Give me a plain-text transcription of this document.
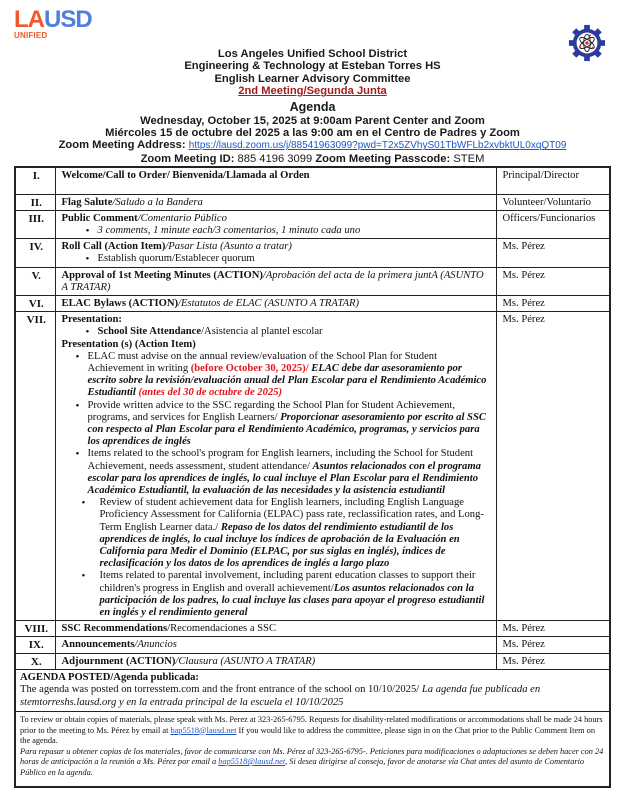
LAUSD
UNIFIED
Los Angeles Unified School District
Engineering & Technology at Esteban Torres HS
English Learner Advisory Committee
2nd Meeting/Segunda Junta
Agenda
Wednesday, October 15, 2025 at 9:00am Parent Center and Zoom
Miércoles 15 de octubre del 2025 a las 9:00 am en el Centro de Padres y Zoom
Zoom Meeting Address: https://lausd.zoom.us/j/88541963099?pwd=T2x5ZVhyS01TbWFLb2xvbktUL0xqQT09
Zoom Meeting ID: 885 4196 3099 Zoom Meeting Passcode: STEM
I.	Welcome/Call to Order/ Bienvenida/Llamada al Orden	Principal/Director
II.	Flag Salute/Saludo a la Bandera	Volunteer/Voluntario
III.	Public Comment/Comentario Público
• 3 comments, 1 minute each/3 comentarios, 1 minuto cada uno
	Officers/Funcionarios
IV.	Roll Call (Action Item)/Pasar Lista (Asunto a tratar)
• Establish quorum/Establecer quorum
	Ms. Pérez
V.	Approval of 1st Meeting Minutes (ACTION)/Aprobación del acta de la primera juntA (ASUNTO A TRATAR)	Ms. Pérez
VI.	ELAC Bylaws (ACTION)/Estatutos de ELAC (ASUNTO A TRATAR)	Ms. Pérez
VII.	Presentation:
• School Site Attendance/Asistencia al plantel escolar
Presentation (s) (Action Item)
• ELAC must advise on the annual review/evaluation of the School Plan for Student Achievement in writing (before October 30, 2025)/ ELAC debe dar asesoramiento por escrito sobre la revisión/evaluación anual del Plan Escolar para el Rendimiento Académico Estudiantil (antes del 30 de octubre de 2025)
• Provide written advice to the SSC regarding the School Plan for Student Achievement, programs, and services for English Learners/ Proporcionar asesoramiento por escrito al SSC con respecto al Plan Escolar para el Rendimiento Académico, programas, y servicios para los aprendices de inglés
• Items related to the school's program for English learners, including the School for Student Achievement, needs assessment, student attendance/ Asuntos relacionados con el programa escolar para los aprendices de inglés, lo cual incluye el Plan Escolar para el Rendimiento Académico Estudiantil, la evaluación de las necesidades y la asistencia estudiantil
• Review of student achievement data for English learners, including English Language Proficiency Assessment for California (ELPAC) pass rate, reclassification rates, and Long-Term English Learner data./ Repaso de los datos del rendimiento estudiantil de los aprendices de inglés, lo cual incluye los índices de aprobación de la Evaluación en California para Medir el Dominio (ELPAC, por sus siglas en inglés), índices de reclasificación y los datos de los aprendices de inglés a largo plazo
• Items related to parental involvement, including parent education classes to support their children's progress in English and overall achievement/Los asuntos relacionados con la participación de los padres, lo cual incluye las clases para apoyar el progreso estudiantil en inglés y el rendimiento general
	Ms. Pérez
VIII.	SSC Recommendations/Recomendaciones a SSC	Ms. Pérez
IX.	Announcements/Anuncios	Ms. Pérez
X.	Adjournment (ACTION)/Clausura (ASUNTO A TRATAR)	Ms. Pérez

AGENDA POSTED/Agenda publicada:
The agenda was posted on torresstem.com and the front entrance of the school on 10/10/2025/ La agenda fue publicada en stemtorreshs.lausd.org y en la entrada principal de la escuela el 10/10/2025		

To review or obtain copies of materials, please speak with Ms. Perez at 323-265-6795. Requests for disability-related modifications or accommodations shall be made 24 hours prior to the meeting to Ms. Pérez by email at bap5518@lausd.net If you would like to address the committee, please sign in on the Chat prior to the Public Comment Item on the agenda.
Para repasar u obtener copias de los materiales, favor de comunicarse con Ms. Pérez al 323-265-6795-. Peticiones para modificaciones o adaptaciones se deben hacer con 24 horas de anticipación a la reunión a Ms. Pérez por email a bap5518@lausd.net, Si desea dirigirse al consejo, favor de anotarse vía Chat antes del asunto de Comentario Público en la agenda.		
